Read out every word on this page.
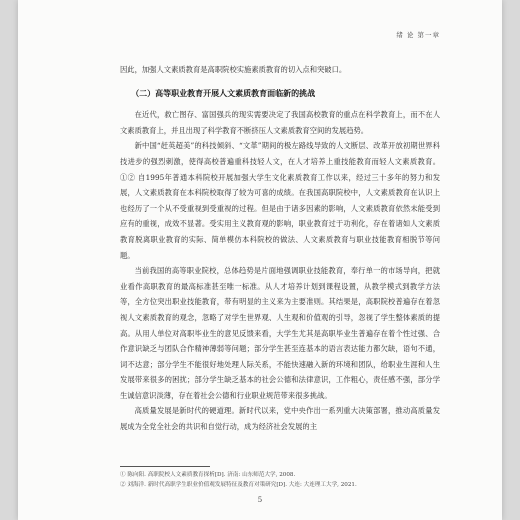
绪 论 第一章

因此，加强人文素质教育是高职院校实施素质教育的切入点和突破口。

（二）高等职业教育开展人文素质教育面临新的挑战

在近代，救亡图存、富国强兵的现实需要决定了我国高校教育的重点在科学教育上，而不在人文素质教育上，并且出现了科学教育不断挤压人文素质教育空间的发展趋势。

新中国“赶英超美”的科技倾斜、“文革”期间的极左路线导致的人文断层、改革开放初期世界科技进步的强烈刺激，使得高校普遍重科技轻人文，在人才培养上重技能教育而轻人文素质教育。①② 自1995年普通本科院校开展加强大学生文化素质教育工作以来，经过三十多年的努力和发展，人文素质教育在本科院校取得了较为可喜的成绩。在我国高职院校中，人文素质教育在认识上也经历了一个从不受重视到受重视的过程。但是由于诸多因素的影响，人文素质教育依然未能受到应有的重视，成效不显著。受实用主义教育观的影响，职业教育过于功利化，存在着诸如人文素质教育脱离职业教育的实际、简单模仿本科院校的做法、人文素质教育与职业技能教育相脱节等问题。

当前我国的高等职业院校，总体趋势是片面地强调职业技能教育，奉行单一的市场导向，把就业看作高职教育的最高标准甚至唯一标准。从人才培养计划到课程设置，从教学模式到教学方法等，全方位突出职业技能教育，带有明显的主义来为主要准则。其结果是，高职院校普遍存在着忽视人文素质教育的观念，忽略了对学生世界观、人生观和价值观的引导，忽视了学生整体素质的提高。从用人单位对高职毕业生的意见反馈来看，大学生尤其是高职毕业生普遍存在着个性过强、合作意识缺乏与团队合作精神薄弱等问题；部分学生甚至连基本的语言表达能力都欠缺，语句不通，词不达意；部分学生不能很好地处理人际关系，不能快速融入新的环境和团队，给职业生涯和人生发展带来很多的困扰；部分学生缺乏基本的社会公德和法律意识，工作粗心，责任感不强，部分学生诚信意识淡薄，存在着社会公德和行业职业规范带来很多挑战。

高质量发展是新时代的硬道理。新时代以来，党中央作出一系列重大决策部署，推动高质量发展成为全党全社会的共识和自觉行动，成为经济社会发展的主

① 陈向阳. 高职院校人文素质教育探析[D]. 济南: 山东师范大学, 2008.
② 刘海洋. 新时代高职学生职业价值观发展特征及教育对策研究[D]. 大连: 大连理工大学, 2021.
5
